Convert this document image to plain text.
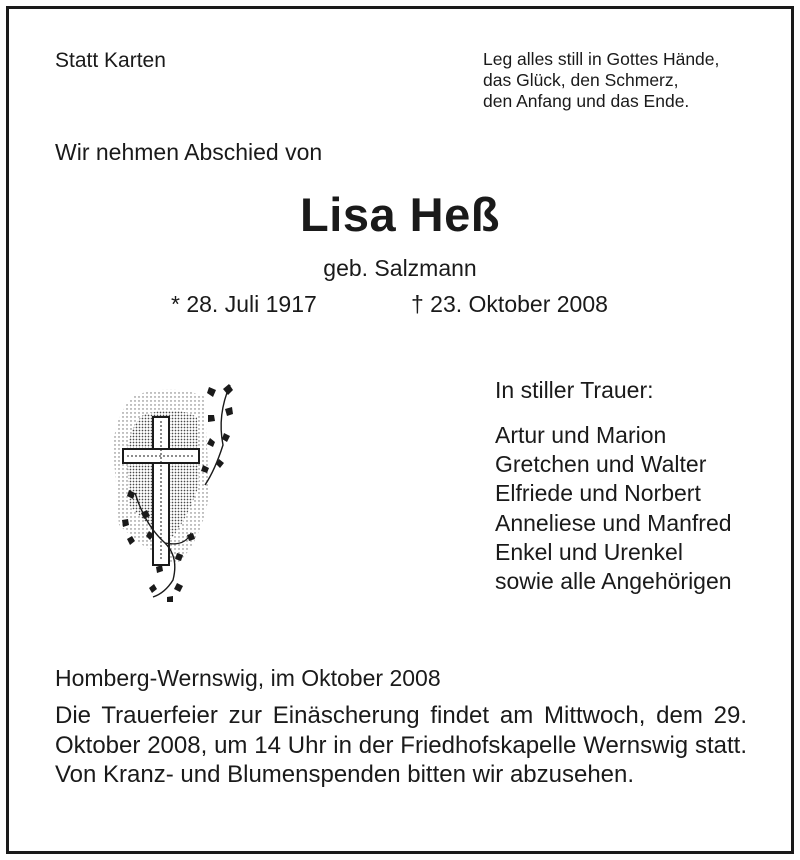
Statt Karten	Leg alles still in Gottes Hände,
das Glück, den Schmerz,
den Anfang und das Ende.
Wir nehmen Abschied von
Lisa Heß
geb. Salzmann
* 28. Juli 1917	† 23. Oktober 2008
In stiller Trauer:
Artur und Marion
Gretchen und Walter
Elfriede und Norbert
Anneliese und Manfred
Enkel und Urenkel
sowie alle Angehörigen
Homberg-Wernswig, im Oktober 2008

Die Trauerfeier zur Einäscherung findet am Mittwoch, dem 29. Oktober 2008, um 14 Uhr in der Friedhofskapelle Wernswig statt. Von Kranz- und Blumenspenden bitten wir abzusehen.
